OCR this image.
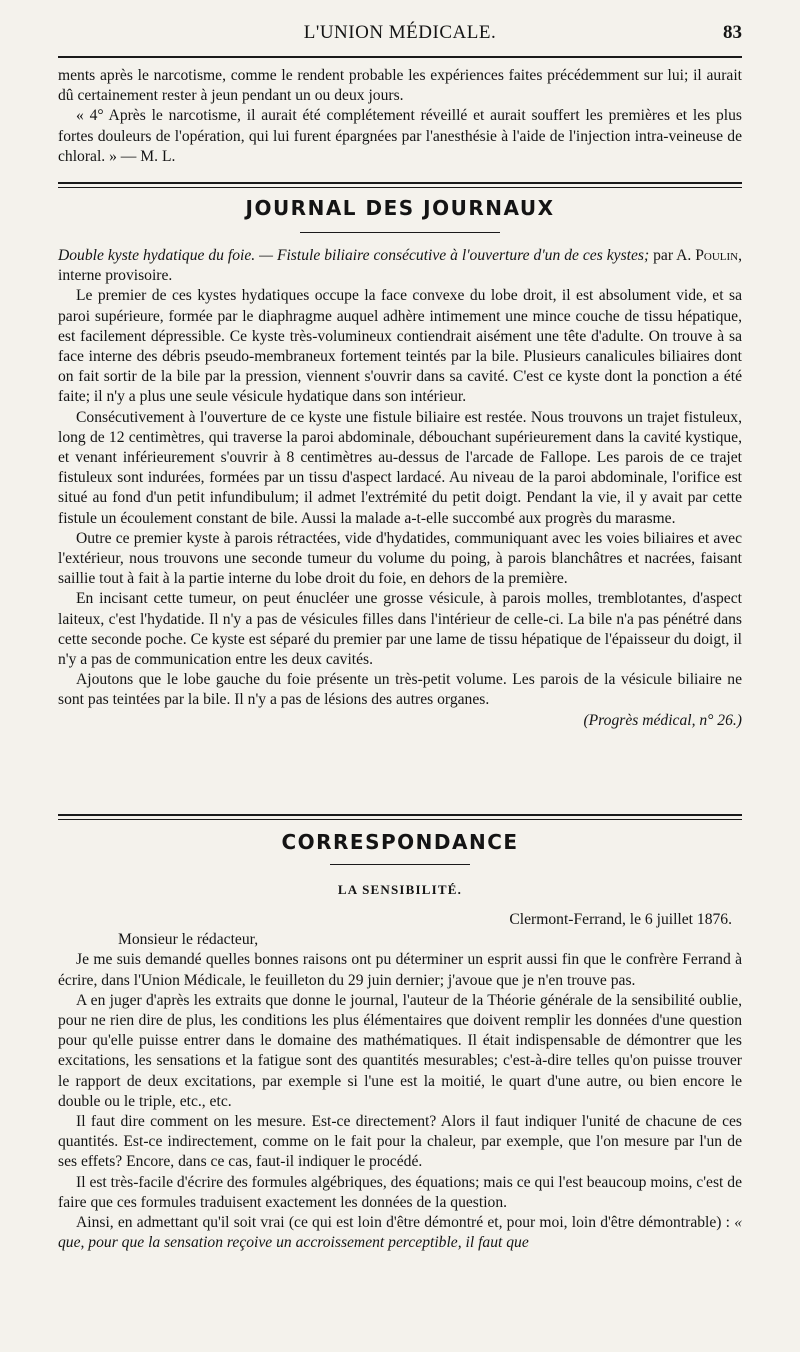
L'UNION MÉDICALE.	83

ments après le narcotisme, comme le rendent probable les expériences faites précédemment sur lui; il aurait dû certainement rester à jeun pendant un ou deux jours.

« 4° Après le narcotisme, il aurait été complétement réveillé et aurait souffert les premières et les plus fortes douleurs de l'opération, qui lui furent épargnées par l'anesthésie à l'aide de l'injection intra-veineuse de chloral. » — M. L.

JOURNAL DES JOURNAUX

Double kyste hydatique du foie. — Fistule biliaire consécutive à l'ouverture d'un de ces kystes; par A. Poulin, interne provisoire.

Le premier de ces kystes hydatiques occupe la face convexe du lobe droit, il est absolument vide, et sa paroi supérieure, formée par le diaphragme auquel adhère intimement une mince couche de tissu hépatique, est facilement dépressible. Ce kyste très-volumineux contiendrait aisément une tête d'adulte. On trouve à sa face interne des débris pseudo-membraneux fortement teintés par la bile. Plusieurs canalicules biliaires dont on fait sortir de la bile par la pression, viennent s'ouvrir dans sa cavité. C'est ce kyste dont la ponction a été faite; il n'y a plus une seule vésicule hydatique dans son intérieur.

Consécutivement à l'ouverture de ce kyste une fistule biliaire est restée. Nous trouvons un trajet fistuleux, long de 12 centimètres, qui traverse la paroi abdominale, débouchant supérieurement dans la cavité kystique, et venant inférieurement s'ouvrir à 8 centimètres au-dessus de l'arcade de Fallope. Les parois de ce trajet fistuleux sont indurées, formées par un tissu d'aspect lardacé. Au niveau de la paroi abdominale, l'orifice est situé au fond d'un petit infundibulum; il admet l'extrémité du petit doigt. Pendant la vie, il y avait par cette fistule un écoulement constant de bile. Aussi la malade a-t-elle succombé aux progrès du marasme.

Outre ce premier kyste à parois rétractées, vide d'hydatides, communiquant avec les voies biliaires et avec l'extérieur, nous trouvons une seconde tumeur du volume du poing, à parois blanchâtres et nacrées, faisant saillie tout à fait à la partie interne du lobe droit du foie, en dehors de la première.

En incisant cette tumeur, on peut énucléer une grosse vésicule, à parois molles, tremblotantes, d'aspect laiteux, c'est l'hydatide. Il n'y a pas de vésicules filles dans l'intérieur de celle-ci. La bile n'a pas pénétré dans cette seconde poche. Ce kyste est séparé du premier par une lame de tissu hépatique de l'épaisseur du doigt, il n'y a pas de communication entre les deux cavités.

Ajoutons que le lobe gauche du foie présente un très-petit volume. Les parois de la vésicule biliaire ne sont pas teintées par la bile. Il n'y a pas de lésions des autres organes.

(Progrès médical, n° 26.)
CORRESPONDANCE
LA SENSIBILITÉ.
Clermont-Ferrand, le 6 juillet 1876.
Monsieur le rédacteur,

Je me suis demandé quelles bonnes raisons ont pu déterminer un esprit aussi fin que le confrère Ferrand à écrire, dans l'Union Médicale, le feuilleton du 29 juin dernier; j'avoue que je n'en trouve pas.

A en juger d'après les extraits que donne le journal, l'auteur de la Théorie générale de la sensibilité oublie, pour ne rien dire de plus, les conditions les plus élémentaires que doivent remplir les données d'une question pour qu'elle puisse entrer dans le domaine des mathématiques. Il était indispensable de démontrer que les excitations, les sensations et la fatigue sont des quantités mesurables; c'est-à-dire telles qu'on puisse trouver le rapport de deux excitations, par exemple si l'une est la moitié, le quart d'une autre, ou bien encore le double ou le triple, etc., etc.

Il faut dire comment on les mesure. Est-ce directement? Alors il faut indiquer l'unité de chacune de ces quantités. Est-ce indirectement, comme on le fait pour la chaleur, par exemple, que l'on mesure par l'un de ses effets? Encore, dans ce cas, faut-il indiquer le procédé.

Il est très-facile d'écrire des formules algébriques, des équations; mais ce qui l'est beaucoup moins, c'est de faire que ces formules traduisent exactement les données de la question.

Ainsi, en admettant qu'il soit vrai (ce qui est loin d'être démontré et, pour moi, loin d'être démontrable) : « que, pour que la sensation reçoive un accroissement perceptible, il faut que
